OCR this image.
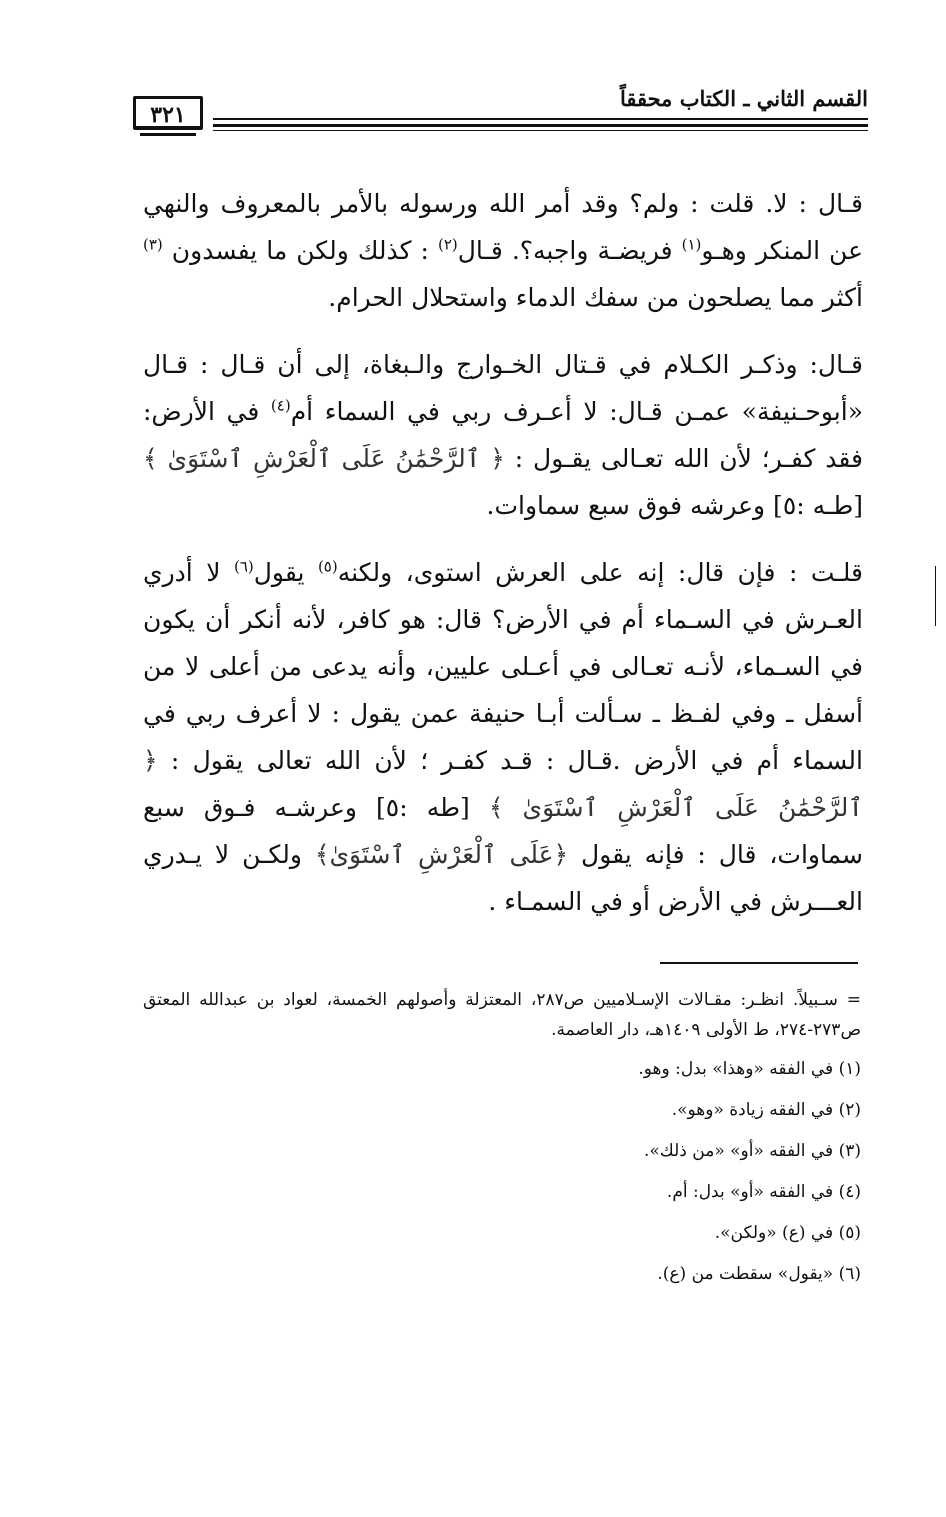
القسم الثاني ـ الكتاب محققاً
٣٢١

قـال : لا. قلت : ولم؟ وقد أمر الله ورسوله بالأمر بالمعروف والنهي عن المنكر وهـو$^{(١)}$ فريضـة واجبه؟. قـال$^{(٢)}$ : كذلك ولكن ما يفسدون $^{(٣)}$ أكثر مما يصلحون من سفك الدماء واستحلال الحرام.

قـال: وذكـر الكـلام في قـتال الخـوارج والـبغاة، إلى أن قـال : قـال «أبوحـنيفة» عمـن قـال: لا أعـرف ربي في السماء أم$^{(٤)}$ في الأرض: فقد كفـر؛ لأن الله تعـالى يقـول : ﴿ ٱلرَّحْمَٰنُ عَلَى ٱلْعَرْشِ ٱسْتَوَىٰ ﴾ [طـه :٥] وعرشه فوق سبع سماوات.

قلـت : فإن قال: إنه على العرش استوى، ولكنه$^{(٥)}$ يقول$^{(٦)}$ لا أدري العـرش في السـماء أم في الأرض؟ قال: هو كافر، لأنه أنكر أن يكون في السـماء، لأنـه تعـالى في أعـلى عليين، وأنه يدعى من أعلى لا من أسفل ـ وفي لفـظ ـ سـألت أبـا حنيفة عمن يقول : لا أعرف ربي في السماء أم في الأرض .قـال : قـد كفـر ؛ لأن الله تعالى يقول : ﴿ ٱلرَّحْمَٰنُ عَلَى ٱلْعَرْشِ ٱسْتَوَىٰ ﴾ [طه :٥] وعرشـه فـوق سبع سماوات، قال : فإنه يقول ﴿عَلَى ٱلْعَرْشِ ٱسْتَوَىٰ﴾ ولكـن لا يـدري العـــرش في الأرض أو في السمـاء .

= سـبيلاً. انظـر: مقـالات الإسـلاميين ص٢٨٧، المعتزلة وأصولهم الخمسة، لعواد بن عبدالله المعتق ص٢٧٣-٢٧٤، ط الأولى ١٤٠٩هـ، دار العاصمة.
(١) في الفقه «وهذا» بدل: وهو.
(٢) في الفقه زيادة «وهو».
(٣) في الفقه «أو» «من ذلك».
(٤) في الفقه «أو» بدل: أم.
(٥) في (ع) «ولكن».
(٦) «يقول» سقطت من (ع).
